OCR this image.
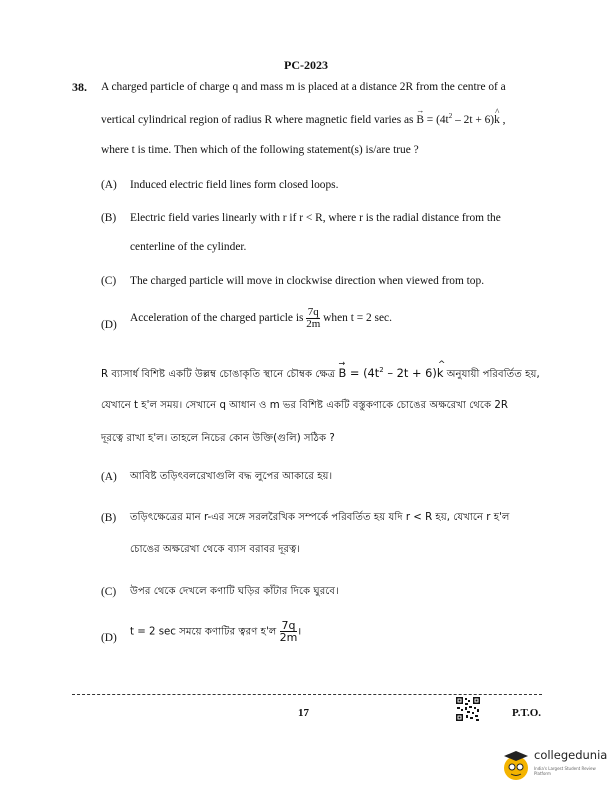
PC-2023
38. A charged particle of charge q and mass m is placed at a distance 2R from the centre of a
vertical cylindrical region of radius R where magnetic field varies as → $B = (4t^2 - 2t$ + 6)^ k ,
where t is time. Then which of the following statement(s) is/are true ?
(A) Induced electric field lines form closed loops.
(B) Electric field varies linearly with r if r < R, where r is the radial distance from the
centerline of the cylinder.
(C) The charged particle will move in clockwise direction when viewed from top.
(D)
Acceleration of the charged particle is $\frac{7q}{2m}$ when t = 2 sec.
R ব্যাসার্ধ বিশিষ্ট একটি উল্লম্ব চোঙাকৃতি স্থানে চৌম্বক ক্ষেত্র → $B = (4t^2 - 2t$ + 6)^ k অনুযায়ী পরিবর্তিত হয়,
যেখানে t হ'ল সময়। সেখানে q আধান ও m ভর বিশিষ্ট একটি বস্তুকণাকে চোঙের অক্ষরেখা থেকে 2R
দূরত্বে রাখা হ'ল। তাহলে নিচের কোন উক্তি(গুলি) সঠিক ?
(A) আবিষ্ট তড়িৎবলরেখাগুলি বদ্ধ লুপের আকারে হয়।
(B) তড়িৎক্ষেত্রের মান r-এর সঙ্গে সরলরৈখিক সম্পর্কে পরিবর্তিত হয় যদি r < R হয়, যেখানে r হ'ল
চোঙের অক্ষরেখা থেকে ব্যাস বরাবর দূরত্ব।
(C) উপর থেকে দেখলে কণাটি ঘড়ির কাঁটার দিকে ঘুরবে।
(D) t = 2 sec সময়ে কণাটির ত্বরণ হ'ল $\frac{7q}{2m}$ ।
17	P.T.O.
collegedunia
India's Largest Student Review Platform
